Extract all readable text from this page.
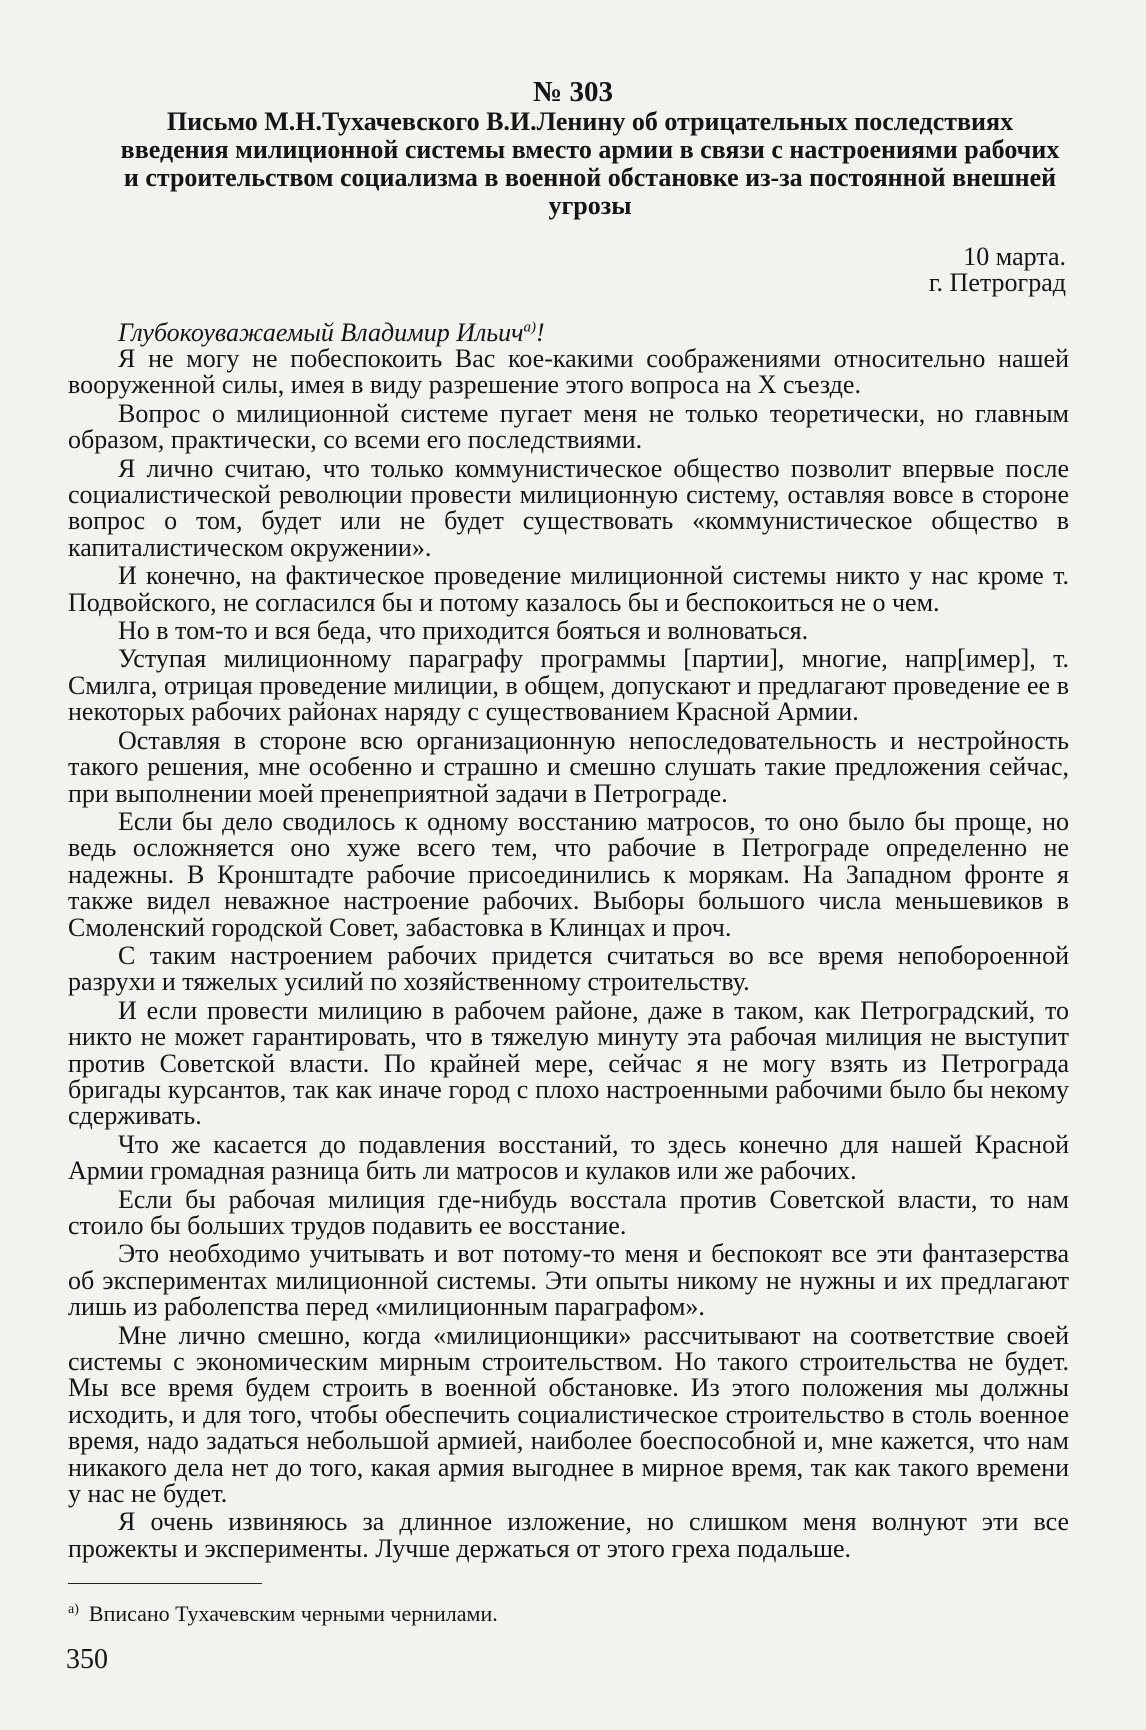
№ 303
Письмо М.Н.Тухачевского В.И.Ленину об отрицательных последствиях введения милиционной системы вместо армии в связи с настроениями рабочих и строительством социализма в военной обстановке из-за постоянной внешней угрозы
10 марта.
г. Петроград
Глубокоуважаемый Владимир Ильич$^{а)}$!

Я не могу не побеспокоить Вас кое-какими соображениями относительно нашей вооруженной силы, имея в виду разрешение этого вопроса на X съезде.

Вопрос о милиционной системе пугает меня не только теоретически, но главным образом, практически, со всеми его последствиями.

Я лично считаю, что только коммунистическое общество позволит впервые после социалистической революции провести милиционную систему, оставляя вовсе в стороне вопрос о том, будет или не будет существовать «коммунистическое общество в капиталистическом окружении».

И конечно, на фактическое проведение милиционной системы никто у нас кроме т. Подвойского, не согласился бы и потому казалось бы и беспокоиться не о чем.

Но в том-то и вся беда, что приходится бояться и волноваться.

Уступая милиционному параграфу программы [партии], многие, напр[имер], т. Смилга, отрицая проведение милиции, в общем, допускают и предлагают проведение ее в некоторых рабочих районах наряду с существованием Красной Армии.

Оставляя в стороне всю организационную непоследовательность и нестройность такого решения, мне особенно и страшно и смешно слушать такие предложения сейчас, при выполнении моей пренеприятной задачи в Петрограде.

Если бы дело сводилось к одному восстанию матросов, то оно было бы проще, но ведь осложняется оно хуже всего тем, что рабочие в Петрограде определенно не надежны. В Кронштадте рабочие присоединились к морякам. На Западном фронте я также видел неважное настроение рабочих. Выборы большого числа меньшевиков в Смоленский городской Совет, забастовка в Клинцах и проч.

С таким настроением рабочих придется считаться во все время непобороенной разрухи и тяжелых усилий по хозяйственному строительству.

И если провести милицию в рабочем районе, даже в таком, как Петроградский, то никто не может гарантировать, что в тяжелую минуту эта рабочая милиция не выступит против Советской власти. По крайней мере, сейчас я не могу взять из Петрограда бригады курсантов, так как иначе город с плохо настроенными рабочими было бы некому сдерживать.

Что же касается до подавления восстаний, то здесь конечно для нашей Красной Армии громадная разница бить ли матросов и кулаков или же рабочих.

Если бы рабочая милиция где-нибудь восстала против Советской власти, то нам стоило бы больших трудов подавить ее восстание.

Это необходимо учитывать и вот потому-то меня и беспокоят все эти фантазерства об экспериментах милиционной системы. Эти опыты никому не нужны и их предлагают лишь из раболепства перед «милиционным параграфом».

Мне лично смешно, когда «милиционщики» рассчитывают на соответствие своей системы с экономическим мирным строительством. Но такого строительства не будет. Мы все время будем строить в военной обстановке. Из этого положения мы должны исходить, и для того, чтобы обеспечить социалистическое строительство в столь военное время, надо задаться небольшой армией, наиболее боеспособной и, мне кажется, что нам никакого дела нет до того, какая армия выгоднее в мирное время, так как такого времени у нас не будет.

Я очень извиняюсь за длинное изложение, но слишком меня волнуют эти все прожекты и эксперименты. Лучше держаться от этого греха подальше.

$^{а)}$ Вписано Тухачевским черными чернилами.
350
